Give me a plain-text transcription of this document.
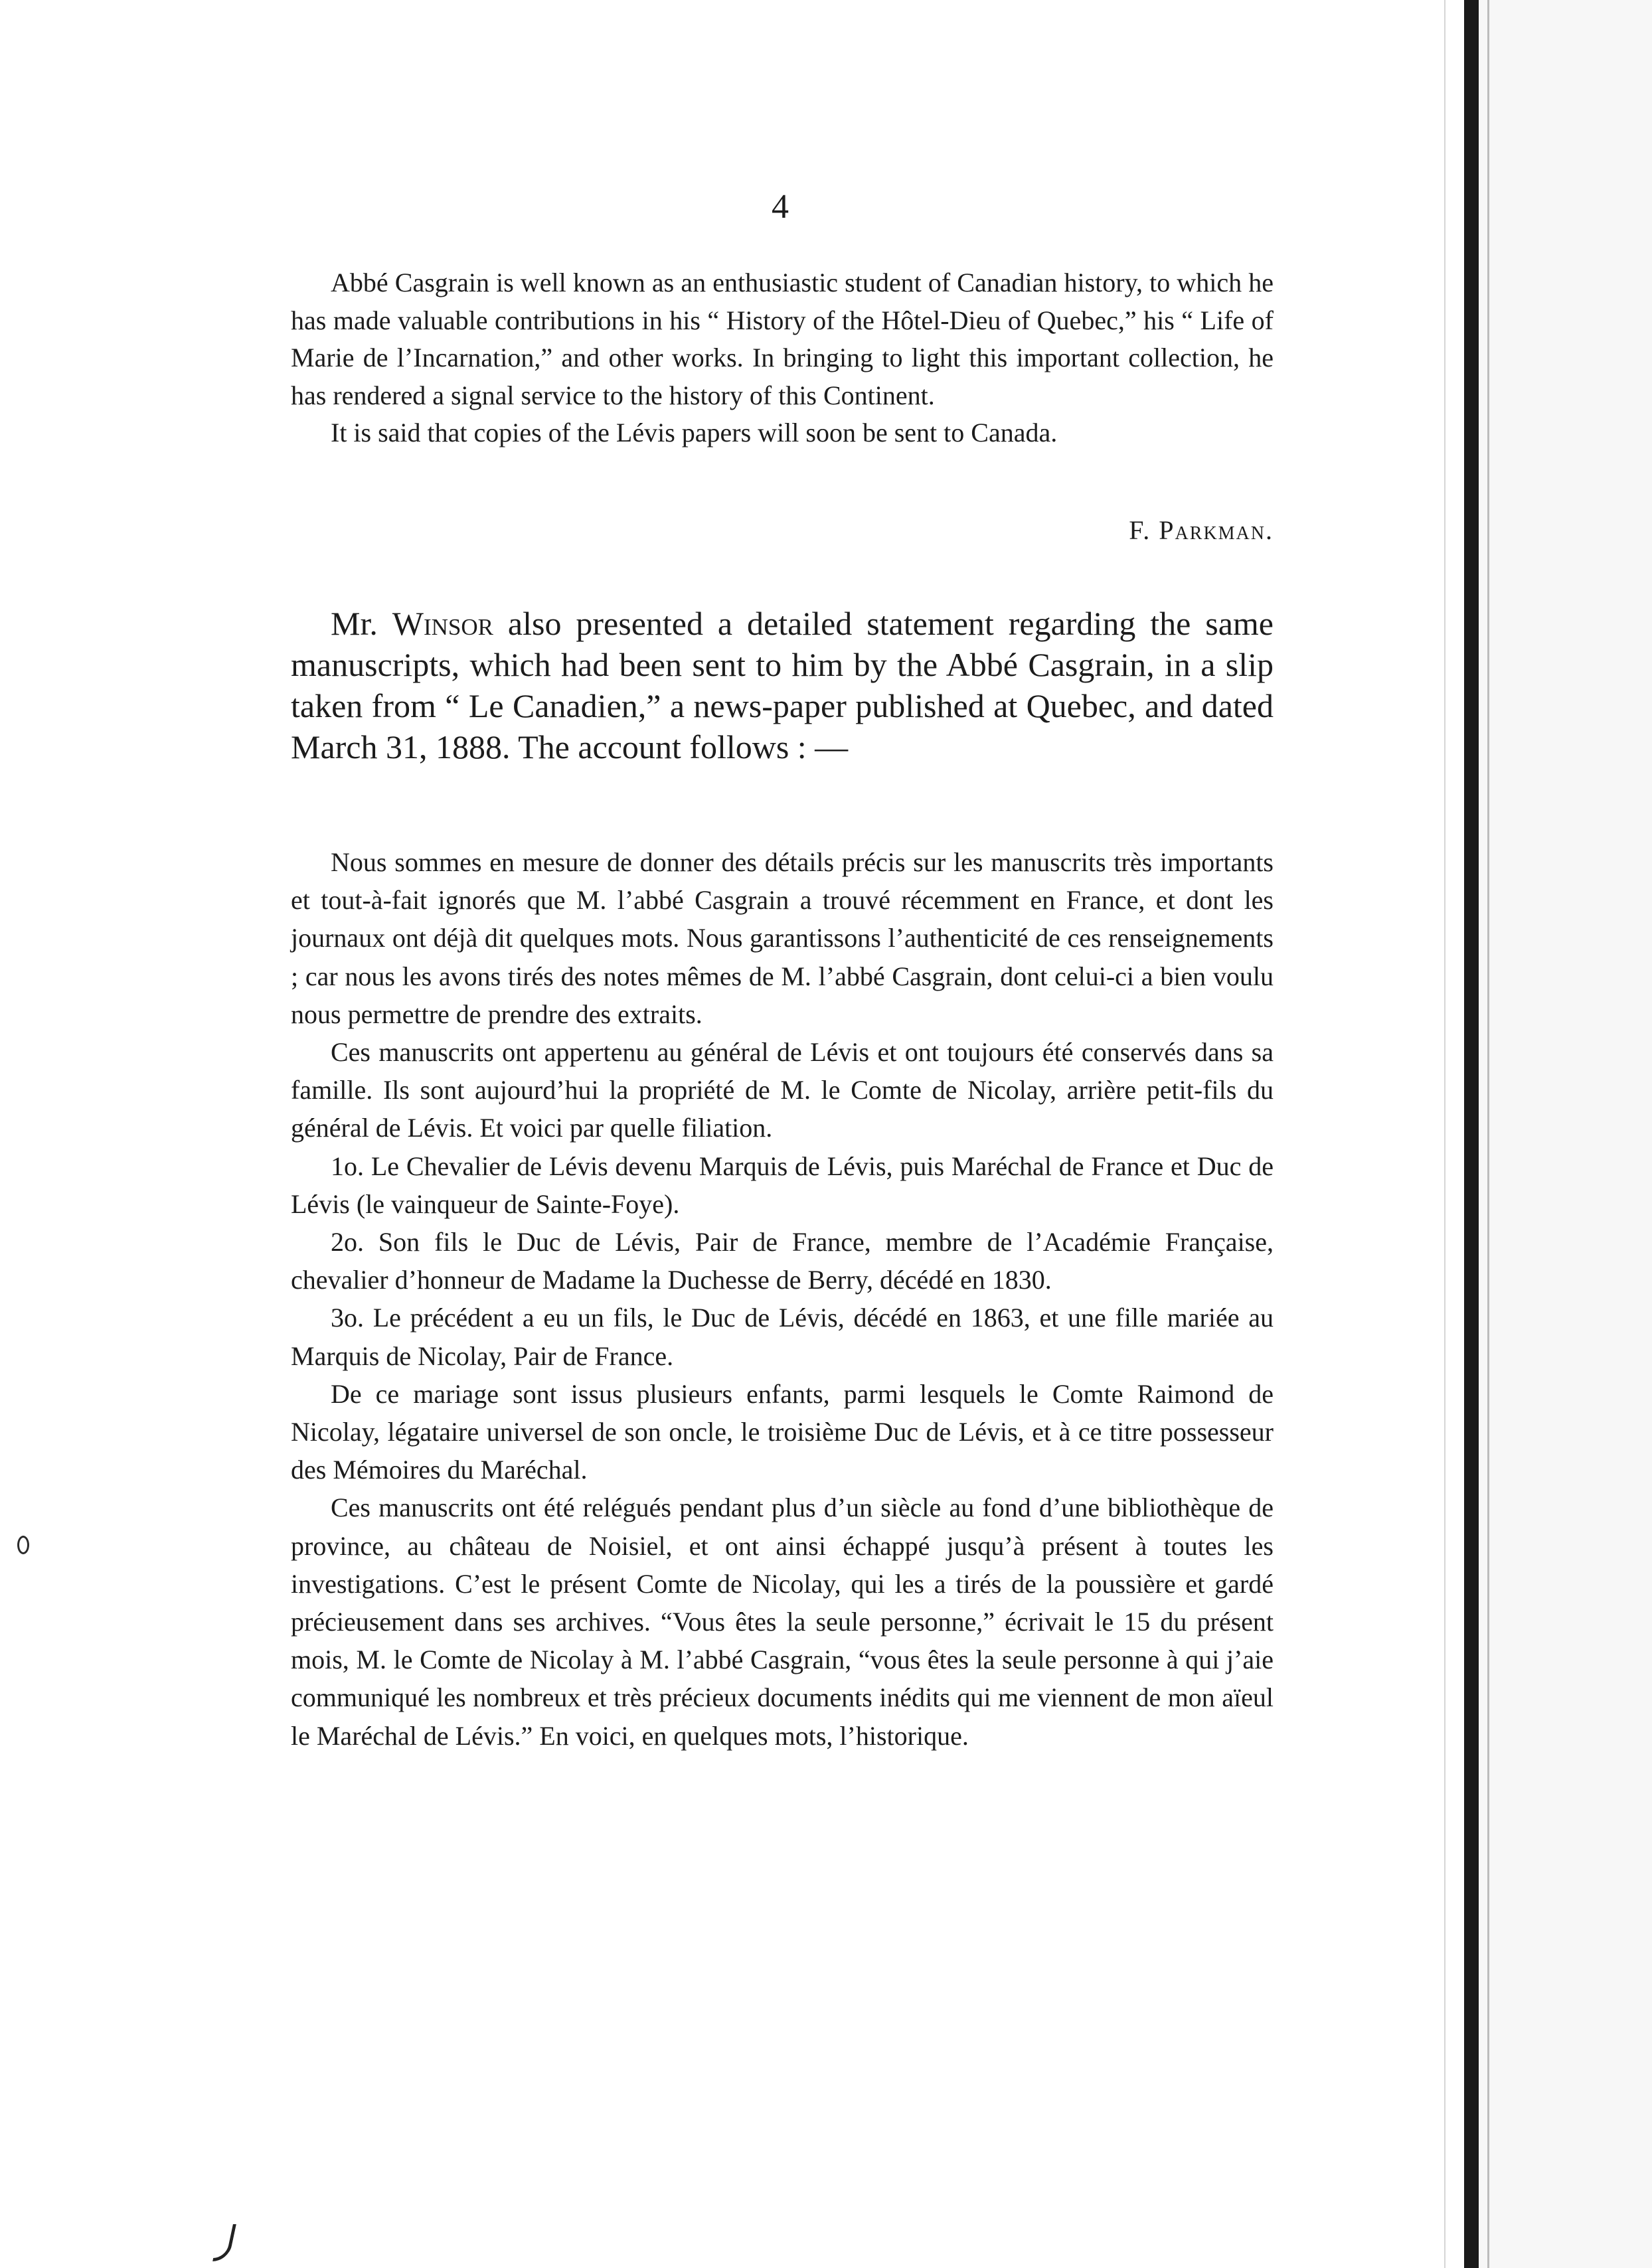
4

Abbé Casgrain is well known as an enthusiastic student of Canadian history, to which he has made valuable contributions in his “ History of the Hôtel-Dieu of Quebec,” his “ Life of Marie de l’Incarnation,” and other works. In bringing to light this important collection, he has rendered a signal service to the history of this Continent.

It is said that copies of the Lévis papers will soon be sent to Canada.

F. Parkman.

Mr. Winsor also presented a detailed statement regarding the same manuscripts, which had been sent to him by the Abbé Casgrain, in a slip taken from “ Le Canadien,” a news-paper published at Quebec, and dated March 31, 1888. The account follows : —

Nous sommes en mesure de donner des détails précis sur les manuscrits très importants et tout-à-fait ignorés que M. l’abbé Casgrain a trouvé récemment en France, et dont les journaux ont déjà dit quelques mots. Nous garantissons l’authenticité de ces renseignements ; car nous les avons tirés des notes mêmes de M. l’abbé Casgrain, dont celui-ci a bien voulu nous permettre de prendre des extraits.

Ces manuscrits ont appertenu au général de Lévis et ont toujours été conservés dans sa famille. Ils sont aujourd’hui la propriété de M. le Comte de Nicolay, arrière petit-fils du général de Lévis. Et voici par quelle filiation.

1o. Le Chevalier de Lévis devenu Marquis de Lévis, puis Maréchal de France et Duc de Lévis (le vainqueur de Sainte-Foye).

2o. Son fils le Duc de Lévis, Pair de France, membre de l’Académie Française, chevalier d’honneur de Madame la Duchesse de Berry, décédé en 1830.

3o. Le précédent a eu un fils, le Duc de Lévis, décédé en 1863, et une fille mariée au Marquis de Nicolay, Pair de France.

De ce mariage sont issus plusieurs enfants, parmi lesquels le Comte Raimond de Nicolay, légataire universel de son oncle, le troisième Duc de Lévis, et à ce titre possesseur des Mémoires du Maréchal.

Ces manuscrits ont été relégués pendant plus d’un siècle au fond d’une bibliothèque de province, au château de Noisiel, et ont ainsi échappé jusqu’à présent à toutes les investigations. C’est le présent Comte de Nicolay, qui les a tirés de la poussière et gardé précieusement dans ses archives. “Vous êtes la seule personne,” écrivait le 15 du présent mois, M. le Comte de Nicolay à M. l’abbé Casgrain, “vous êtes la seule personne à qui j’aie communiqué les nombreux et très précieux documents inédits qui me viennent de mon aïeul le Maréchal de Lévis.” En voici, en quelques mots, l’historique.
